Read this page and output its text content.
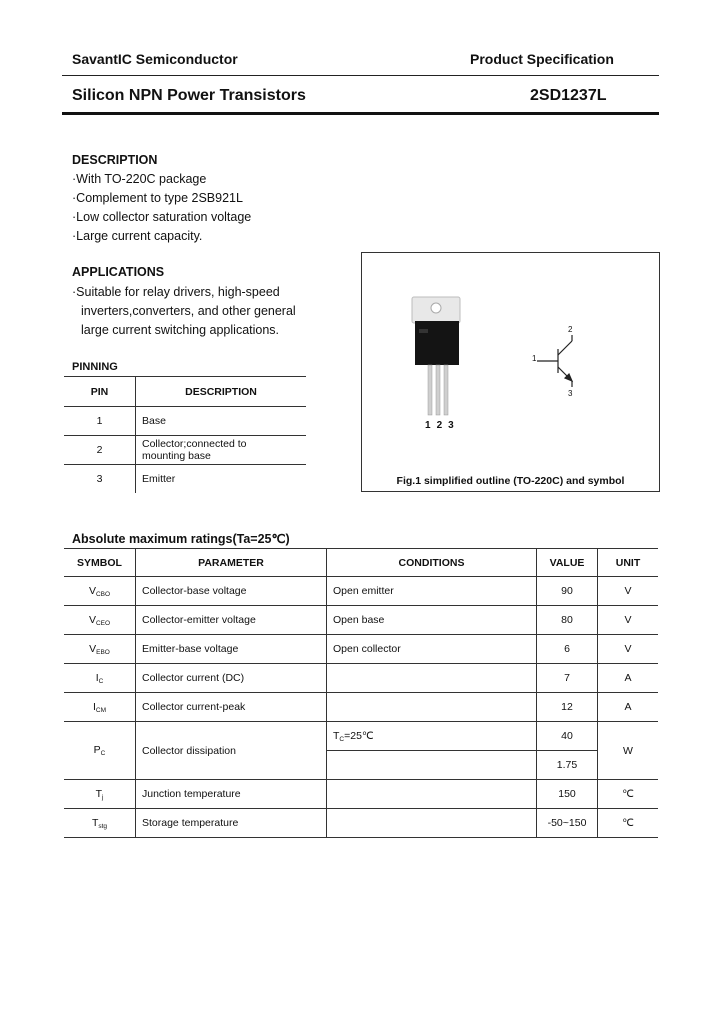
SavantIC Semiconductor	Product Specification
Silicon NPN Power Transistors	2SD1237L
DESCRIPTION
·With TO-220C package
·Complement to type 2SB921L
·Low collector saturation voltage
·Large current capacity.
APPLICATIONS
·Suitable for relay drivers, high-speed
inverters,converters, and other general
large current switching applications.
PINNING
PIN	DESCRIPTION
1	Base
2	Collector;connected to mounting base
3	Emitter
123
1
2
3
Fig.1 simplified outline (TO-220C) and symbol
Absolute maximum ratings(Ta=25℃)
SYMBOL	PARAMETER	CONDITIONS	VALUE	UNIT
$V_{CBO}$	Collector-base voltage	Open emitter	90	V
$V_{CEO}$	Collector-emitter voltage	Open base	80	V
$V_{EBO}$	Emitter-base voltage	Open collector	6	V
$I_C$	Collector current (DC)		7	A
$I_{CM}$	Collector current-peak		12	A
$P_C$	Collector dissipation	$T_C=25℃$	40	W
			1.75	
$T_j$	Junction temperature		150	℃
$T_{stg}$	Storage temperature		-50~150	℃
